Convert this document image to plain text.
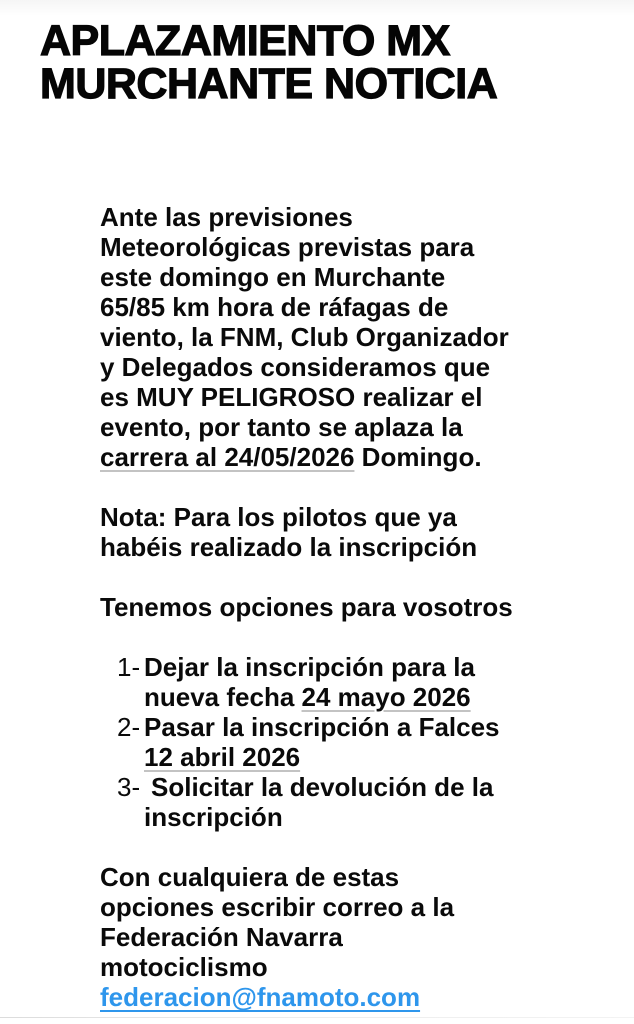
APLAZAMIENTO MX
MURCHANTE NOTICIA

Ante las previsiones
Meteorológicas previstas para
este domingo en Murchante
65/85 km hora de ráfagas de
viento, la FNM, Club Organizador
y Delegados consideramos que
es MUY PELIGROSO realizar el
evento, por tanto se aplaza la
carrera al 24/05/2026 Domingo.

Nota: Para los pilotos que ya
habéis realizado la inscripción

Tenemos opciones para vosotros

1- Dejar la inscripción para la
nueva fecha 24 mayo 2026
2- Pasar la inscripción a Falces
12 abril 2026
3- Solicitar la devolución de la
inscripción

Con cualquiera de estas
opciones escribir correo a la
Federación Navarra
motociclismo
federacion@fnamoto.com
